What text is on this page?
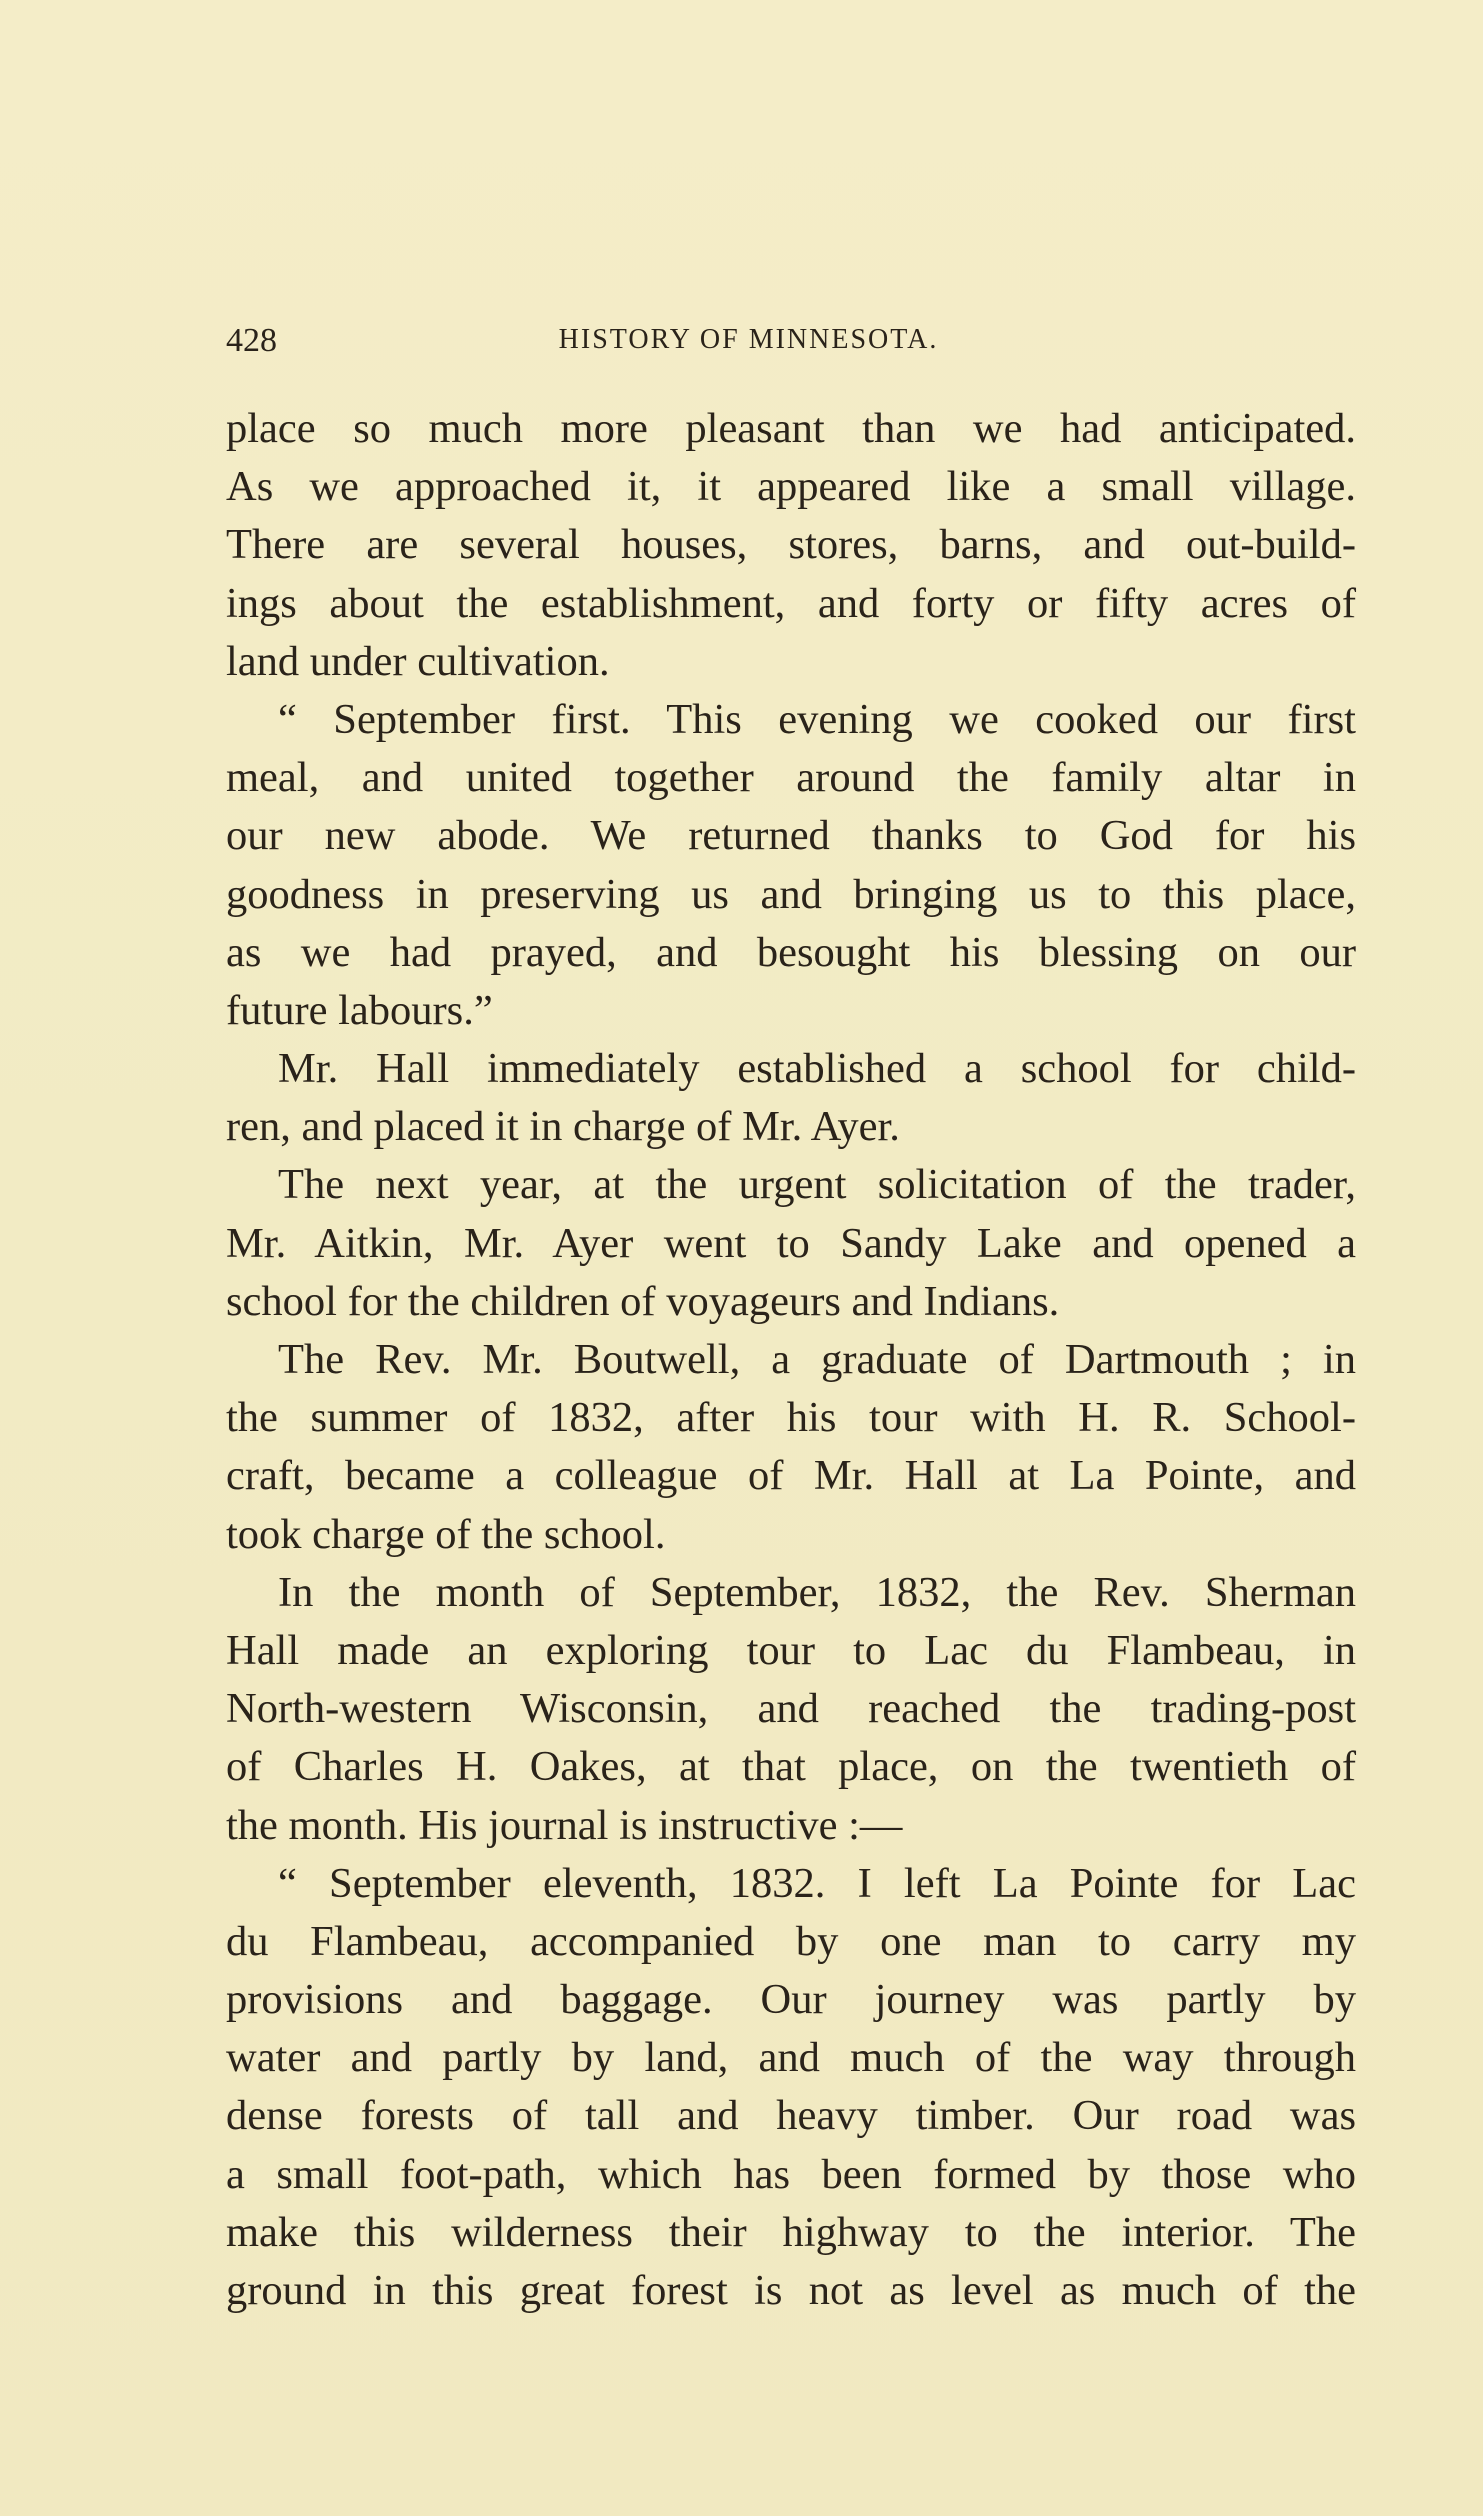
428	HISTORY OF MINNESOTA.
place so much more pleasant than we had anticipated.
As we approached it, it appeared like a small village.
There are several houses, stores, barns, and out-build-
ings about the establishment, and forty or fifty acres of
land under cultivation.
“ September first. This evening we cooked our first
meal, and united together around the family altar in
our new abode. We returned thanks to God for his
goodness in preserving us and bringing us to this place,
as we had prayed, and besought his blessing on our
future labours.”
Mr. Hall immediately established a school for child-
ren, and placed it in charge of Mr. Ayer.
The next year, at the urgent solicitation of the trader,
Mr. Aitkin, Mr. Ayer went to Sandy Lake and opened a
school for the children of voyageurs and Indians.
The Rev. Mr. Boutwell, a graduate of Dartmouth ; in
the summer of 1832, after his tour with H. R. School-
craft, became a colleague of Mr. Hall at La Pointe, and
took charge of the school.
In the month of September, 1832, the Rev. Sherman
Hall made an exploring tour to Lac du Flambeau, in
North-western Wisconsin, and reached the trading-post
of Charles H. Oakes, at that place, on the twentieth of
the month. His journal is instructive :—
“ September eleventh, 1832. I left La Pointe for Lac
du Flambeau, accompanied by one man to carry my
provisions and baggage. Our journey was partly by
water and partly by land, and much of the way through
dense forests of tall and heavy timber. Our road was
a small foot-path, which has been formed by those who
make this wilderness their highway to the interior. The
ground in this great forest is not as level as much of the
